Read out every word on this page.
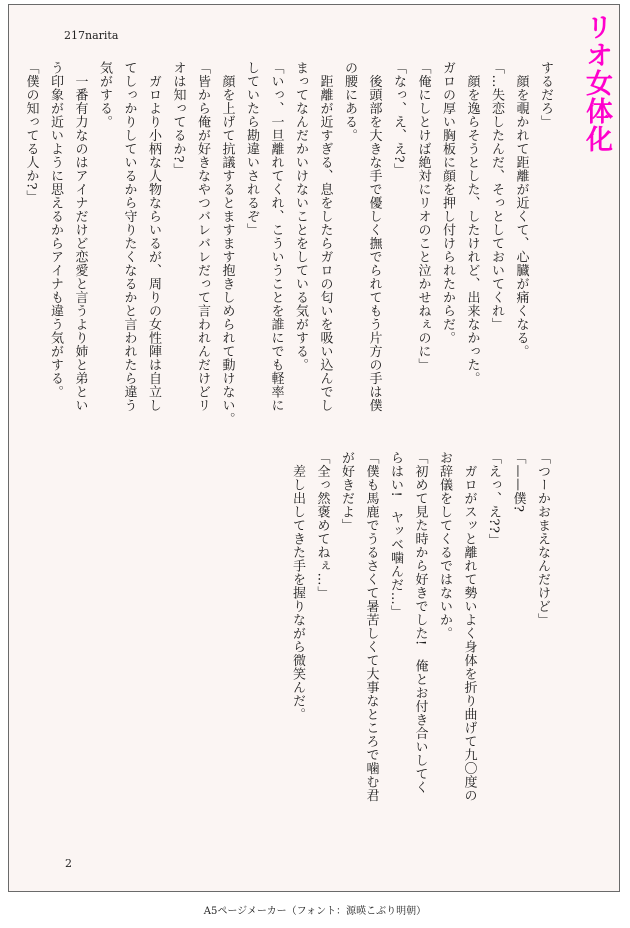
217narita	リオ女体化
するだろ」
　顔を覗かれて距離が近くて、心臓が痛くなる。
「…失恋したんだ、そっとしておいてくれ」
　顔を逸らそうとした、したけれど、出来なかった。
ガロの厚い胸板に顔を押し付けられたからだ。
「俺にしとけば絶対にリオのこと泣かせねぇのに」
「なっ、え、え?」
　後頭部を大きな手で優しく撫でられてもう片方の手は僕
の腰にある。
　距離が近すぎる、息をしたらガロの匂いを吸い込んでし
まってなんだかいけないことをしている気がする。
「いっ、一旦離れてくれ、こういうことを誰にでも軽率に
していたら勘違いされるぞ」
　顔を上げて抗議するとますます抱きしめられて動けない。
「皆から俺が好きなやつバレバレだって言われんだけどリ
オは知ってるか?」
　ガロより小柄な人物ならいるが、周りの女性陣は自立し
てしっかりしているから守りたくなるかと言われたら違う
気がする。
　一番有力なのはアイナだけど恋愛と言うより姉と弟とい
う印象が近いように思えるからアイナも違う気がする。
「僕の知ってる人か?」
「つーかおまえなんだけど」
「——僕?
「えっ、え??」
　ガロがスッと離れて勢いよく身体を折り曲げて九〇度の
お辞儀をしてくるではないか。
「初めて見た時から好きでした!　俺とお付き合いしてく
らはい!　ヤッベ噛んだ…」
「僕も馬鹿でうるさくて暑苦しくて大事なところで噛む君
が好きだよ」
「全っ然褒めてねぇ…」
　差し出してきた手を握りながら微笑んだ。
2
A5ページメーカー（フォント：源暎こぶり明朝）
